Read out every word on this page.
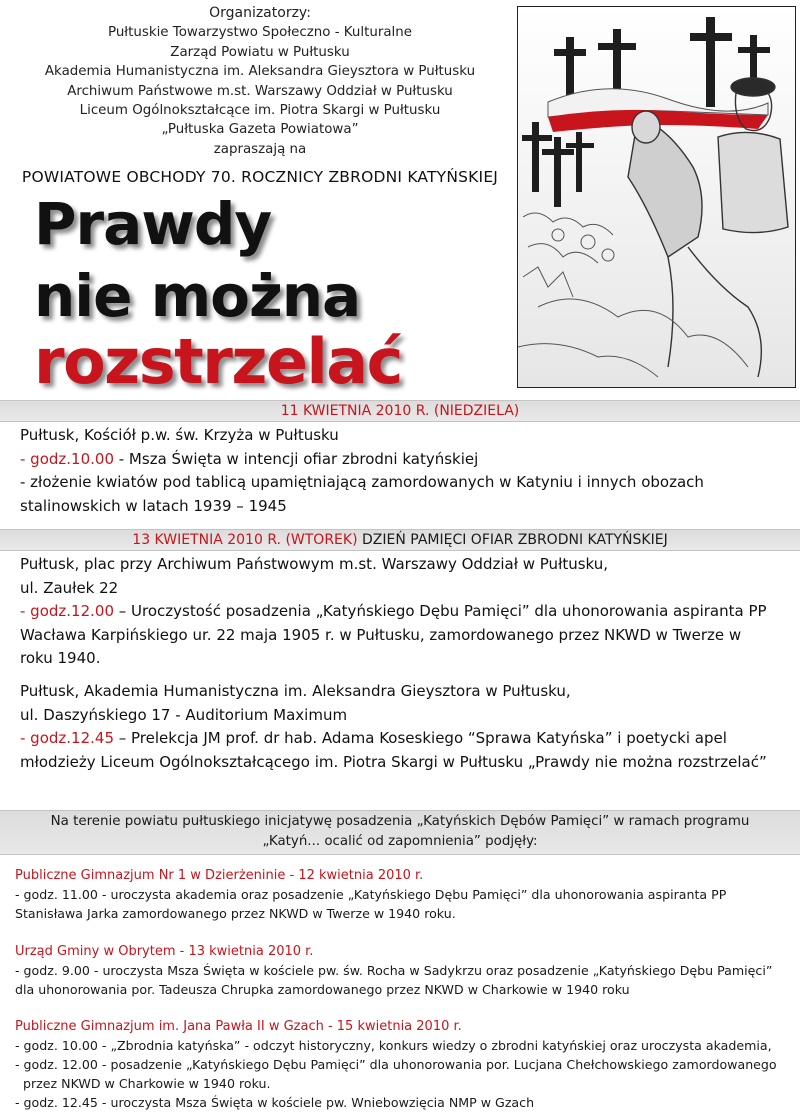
Organizatorzy:
Pułtuskie Towarzystwo Społeczno - Kulturalne
Zarząd Powiatu w Pułtusku
Akademia Humanistyczna im. Aleksandra Gieysztora w Pułtusku
Archiwum Państwowe m.st. Warszawy Oddział w Pułtusku
Liceum Ogólnokształcące im. Piotra Skargi w Pułtusku
„Pułtuska Gazeta Powiatowa”
zapraszają na
POWIATOWE OBCHODY 70. ROCZNICY ZBRODNI KATYŃSKIEJ
Prawdy
nie można
rozstrzelać
11 KWIETNIA 2010 R. (NIEDZIELA)
Pułtusk, Kościół p.w. św. Krzyża w Pułtusku
- godz.10.00 - Msza Święta w intencji ofiar zbrodni katyńskiej
- złożenie kwiatów pod tablicą upamiętniającą zamordowanych w Katyniu i innych obozach
stalinowskich w latach 1939 – 1945
13 KWIETNIA 2010 R. (WTOREK) DZIEŃ PAMIĘCI OFIAR ZBRODNI KATYŃSKIEJ
Pułtusk, plac przy Archiwum Państwowym m.st. Warszawy Oddział w Pułtusku,
ul. Zaułek 22
- godz.12.00 – Uroczystość posadzenia „Katyńskiego Dębu Pamięci” dla uhonorowania aspiranta PP
Wacława Karpińskiego ur. 22 maja 1905 r. w Pułtusku, zamordowanego przez NKWD w Twerze w
roku 1940.
Pułtusk, Akademia Humanistyczna im. Aleksandra Gieysztora w Pułtusku,
ul. Daszyńskiego 17 - Auditorium Maximum
- godz.12.45 – Prelekcja JM prof. dr hab. Adama Koseskiego “Sprawa Katyńska” i poetycki apel
młodzieży Liceum Ogólnokształcącego im. Piotra Skargi w Pułtusku „Prawdy nie można rozstrzelać”
Na terenie powiatu pułtuskiego inicjatywę posadzenia „Katyńskich Dębów Pamięci” w ramach programu
„Katyń... ocalić od zapomnienia” podjęły:
Publiczne Gimnazjum Nr 1 w Dzierżeninie - 12 kwietnia 2010 r.
- godz. 11.00 - uroczysta akademia oraz posadzenie „Katyńskiego Dębu Pamięci” dla uhonorowania aspiranta PP
Stanisława Jarka zamordowanego przez NKWD w Twerze w 1940 roku.
Urząd Gminy w Obrytem - 13 kwietnia 2010 r.
- godz. 9.00 - uroczysta Msza Święta w kościele pw. św. Rocha w Sadykrzu oraz posadzenie „Katyńskiego Dębu Pamięci”
dla uhonorowania por. Tadeusza Chrupka zamordowanego przez NKWD w Charkowie w 1940 roku
Publiczne Gimnazjum im. Jana Pawła II w Gzach - 15 kwietnia 2010 r.
- godz. 10.00 - „Zbrodnia katyńska” - odczyt historyczny, konkurs wiedzy o zbrodni katyńskiej oraz uroczysta akademia,
- godz. 12.00 - posadzenie „Katyńskiego Dębu Pamięci” dla uhonorowania por. Lucjana Chełchowskiego zamordowanego
przez NKWD w Charkowie w 1940 roku.
- godz. 12.45 - uroczysta Msza Święta w kościele pw. Wniebowzięcia NMP w Gzach
